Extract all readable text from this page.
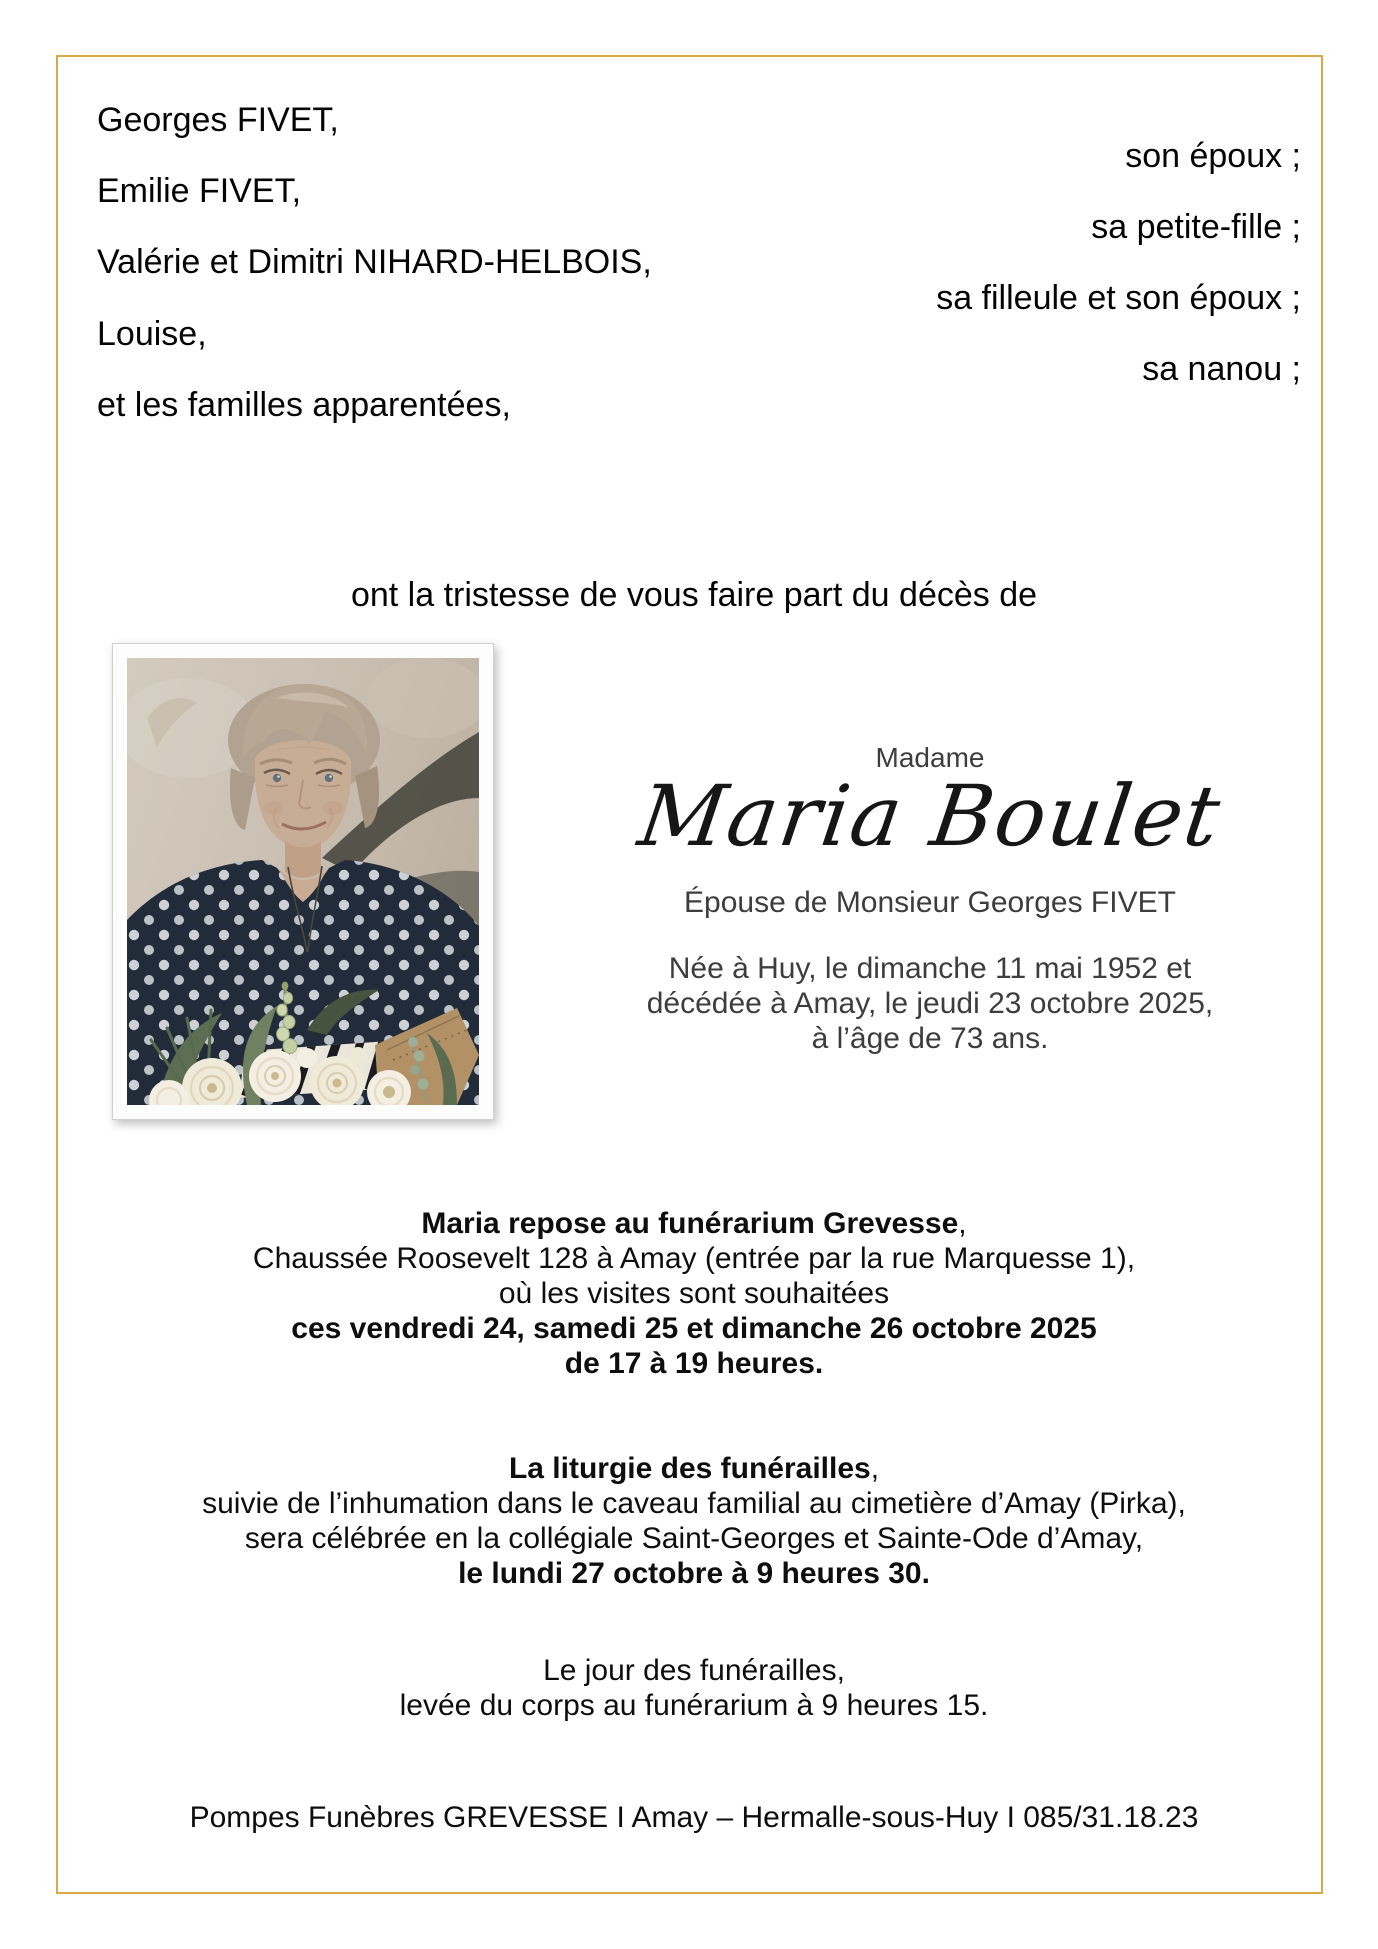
Georges FIVET,
son époux ;
Emilie FIVET,
sa petite-fille ;
Valérie et Dimitri NIHARD-HELBOIS,
sa filleule et son époux ;
Louise,
sa nanou ;
et les familles apparentées,
ont la tristesse de vous faire part du décès de
Madame
Maria Boulet
Épouse de Monsieur Georges FIVET
Née à Huy, le dimanche 11 mai 1952 et
décédée à Amay, le jeudi 23 octobre 2025,
à l’âge de 73 ans.
Maria repose au funérarium Grevesse,
Chaussée Roosevelt 128 à Amay (entrée par la rue Marquesse 1),
où les visites sont souhaitées
ces vendredi 24, samedi 25 et dimanche 26 octobre 2025
de 17 à 19 heures.
La liturgie des funérailles,
suivie de l’inhumation dans le caveau familial au cimetière d’Amay (Pirka),
sera célébrée en la collégiale Saint-Georges et Sainte-Ode d’Amay,
le lundi 27 octobre à 9 heures 30.
Le jour des funérailles,
levée du corps au funérarium à 9 heures 15.
Pompes Funèbres GREVESSE I Amay – Hermalle-sous-Huy I 085/31.18.23
